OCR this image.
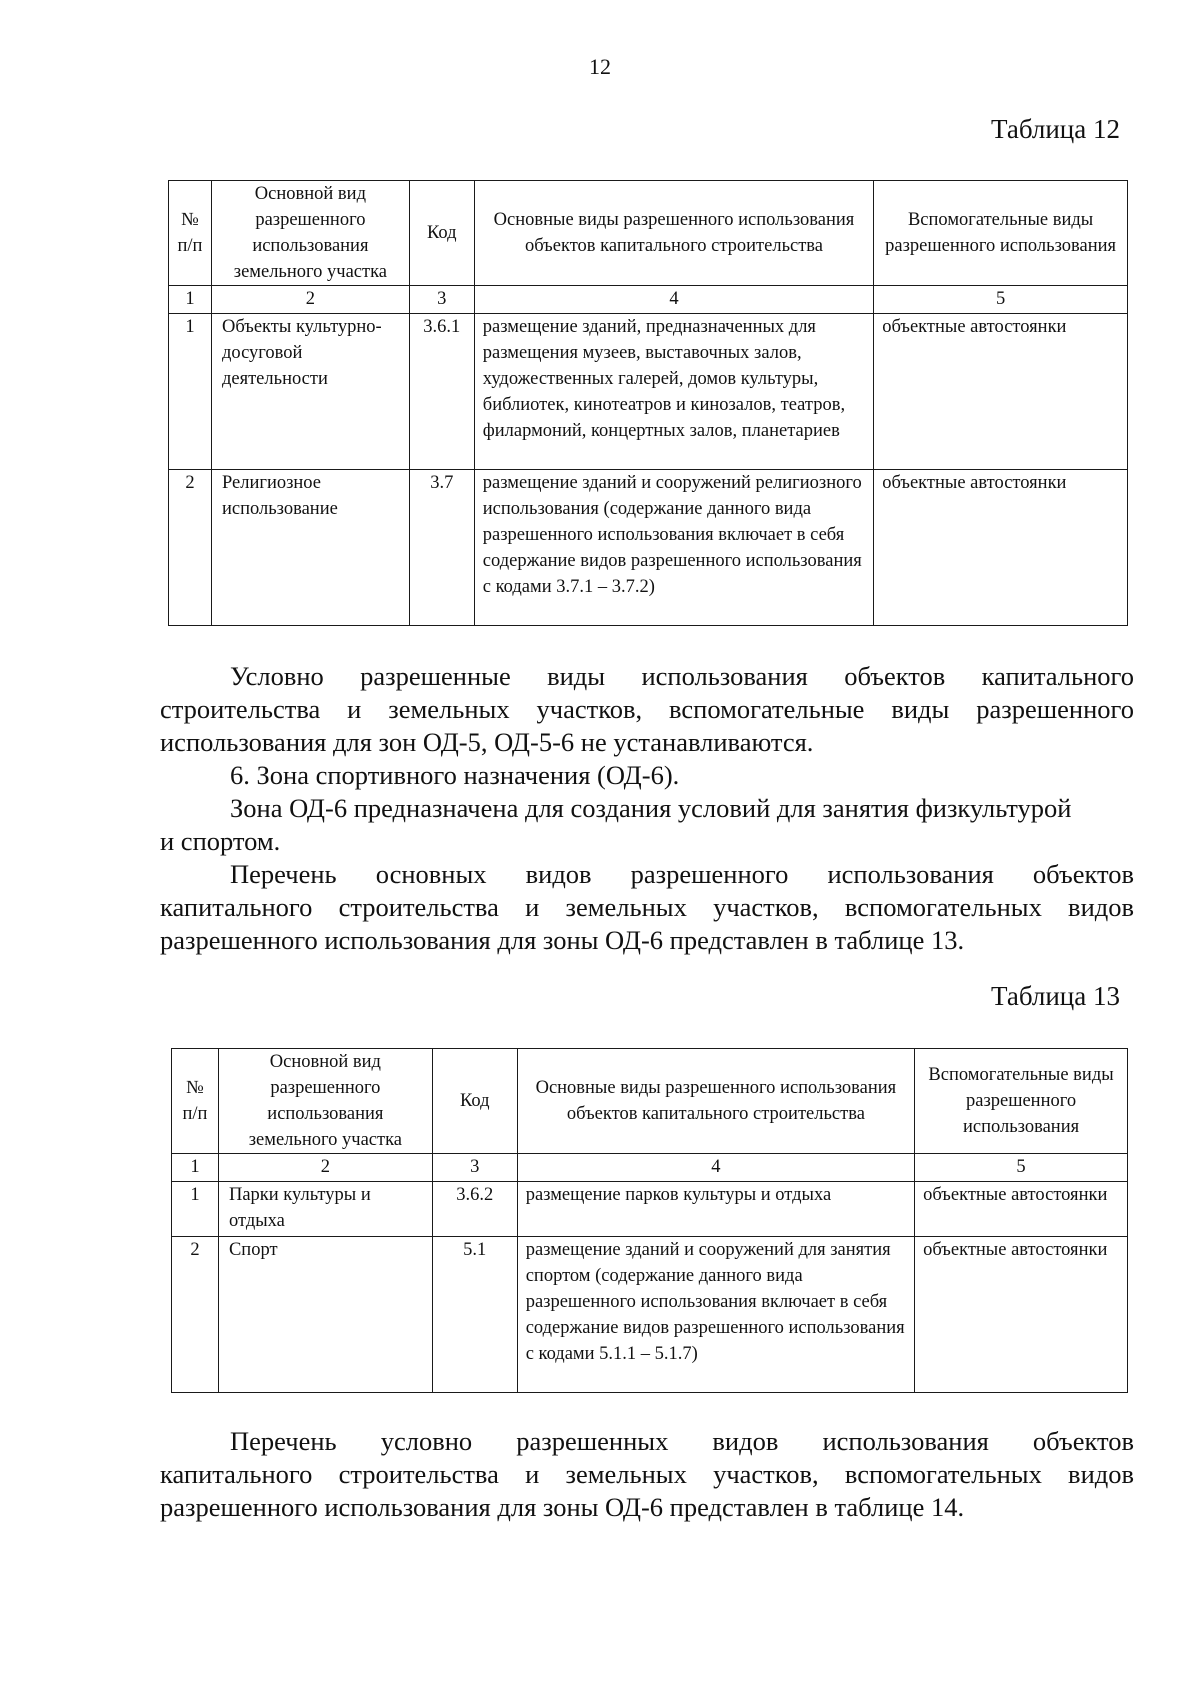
12
Таблица 12
№ п/п	Основной вид разрешенного использования земельного участка	Код	Основные виды разрешенного использования объектов капитального строительства	Вспомогательные виды разрешенного использования
1	2	3	4	5
1	Объекты культурно-досуговой деятельности	3.6.1	размещение зданий, предназначенных для размещения музеев, выставочных залов, художественных галерей, домов культуры, библиотек, кинотеатров и кинозалов, театров, филармоний, концертных залов, планетариев	объектные автостоянки
2	Религиозное использование	3.7	размещение зданий и сооружений религиозного использования (содержание данного вида разрешенного использования включает в себя содержание видов разрешенного использования с кодами 3.7.1 – 3.7.2)	объектные автостоянки
Условно разрешенные виды использования объектов капитального
строительства и земельных участков, вспомогательные виды разрешенного
использования для зон ОД-5, ОД-5-6 не устанавливаются.
6. Зона спортивного назначения (ОД-6).
Зона ОД-6 предназначена для создания условий для занятия физкультурой
и спортом.
Перечень основных видов разрешенного использования объектов
капитального строительства и земельных участков, вспомогательных видов
разрешенного использования для зоны ОД-6 представлен в таблице 13.
Таблица 13
№ п/п	Основной вид разрешенного использования земельного участка	Код	Основные виды разрешенного использования объектов капитального строительства	Вспомогательные виды разрешенного использования
1	2	3	4	5
1	Парки культуры и отдыха	3.6.2	размещение парков культуры и отдыха	объектные автостоянки
2	Спорт	5.1	размещение зданий и сооружений для занятия спортом (содержание данного вида разрешенного использования включает в себя содержание видов разрешенного использования с кодами 5.1.1 – 5.1.7)	объектные автостоянки
Перечень условно разрешенных видов использования объектов
капитального строительства и земельных участков, вспомогательных видов
разрешенного использования для зоны ОД-6 представлен в таблице 14.
